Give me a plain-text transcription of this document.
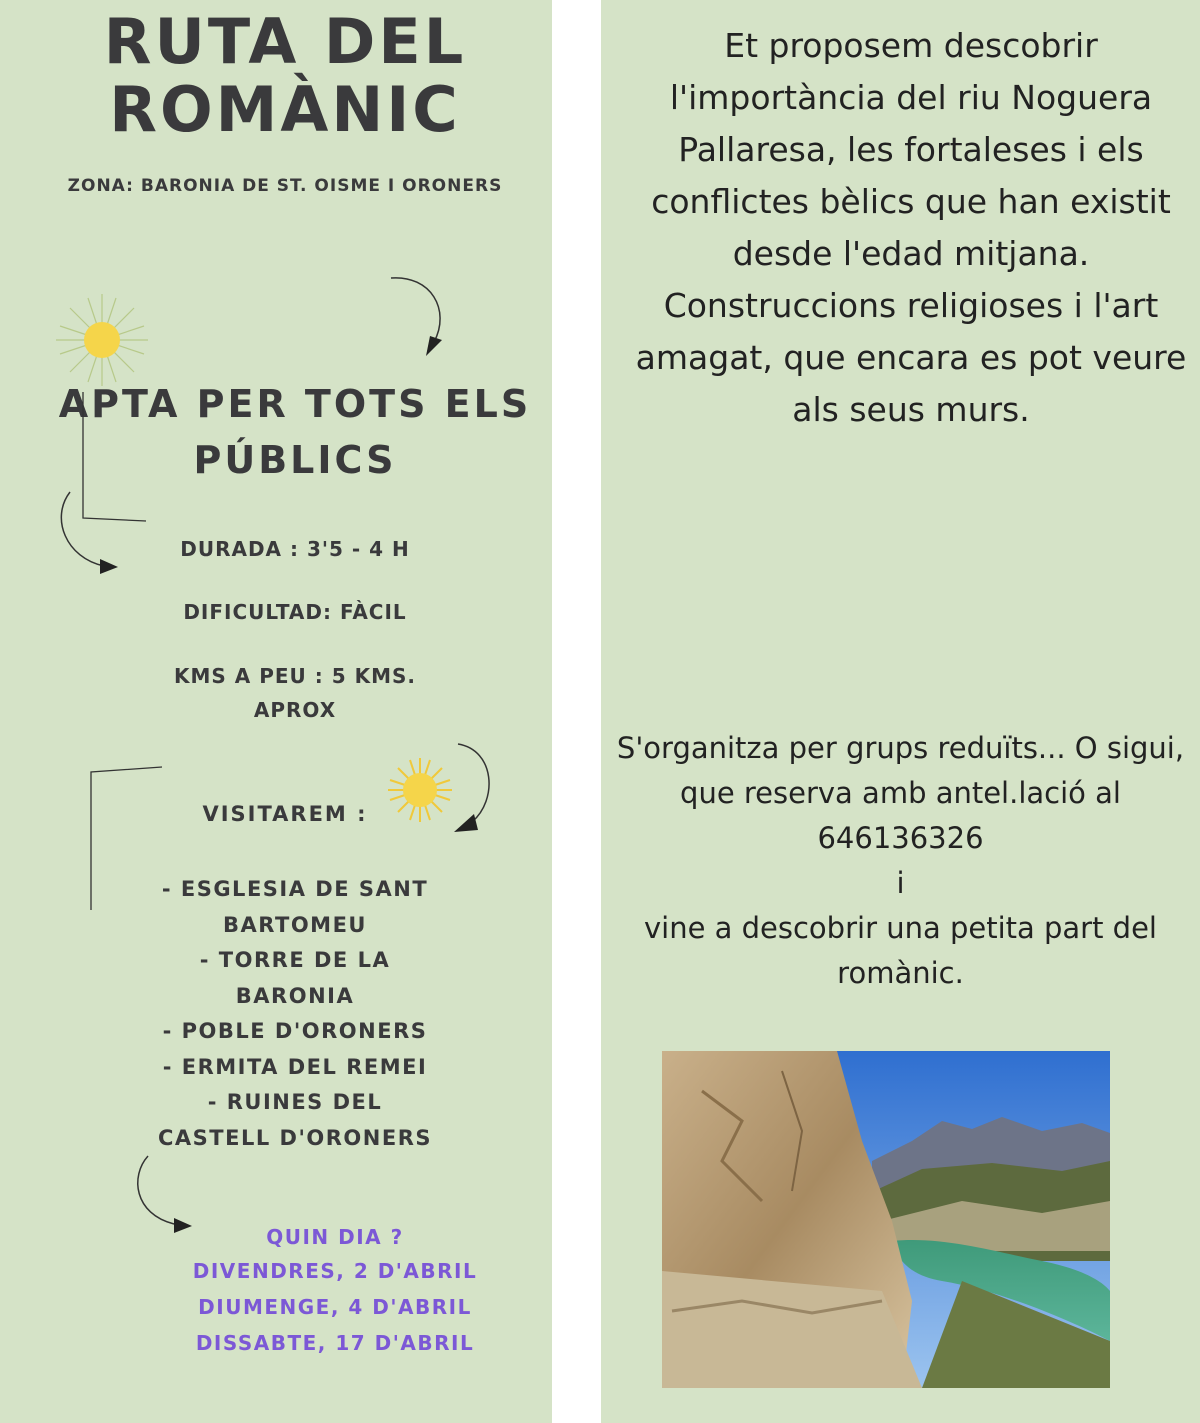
RUTA DEL
ROMÀNIC
ZONA: BARONIA DE ST. OISME I ORONERS
APTA PER TOTS ELS
PÚBLICS
DURADA : 3'5 - 4 H
DIFICULTAD: FÀCIL
KMS A PEU : 5 KMS.
APROX
VISITAREM :
- ESGLESIA DE SANT
BARTOMEU
- TORRE DE LA
BARONIA
- POBLE D'ORONERS
- ERMITA DEL REMEI
- RUINES DEL
CASTELL D'ORONERS
QUIN DIA ?
DIVENDRES, 2 D'ABRIL
DIUMENGE, 4 D'ABRIL
DISSABTE, 17 D'ABRIL
Et proposem descobrir
l'importància del riu Noguera
Pallaresa, les fortaleses i els
conflictes bèlics que han existit
desde l'edad mitjana.
Construccions religioses i l'art
amagat, que encara es pot veure
als seus murs.
S'organitza per grups reduïts... O sigui,
que reserva amb antel.lació al
646136326
i
vine a descobrir una petita part del
romànic.
